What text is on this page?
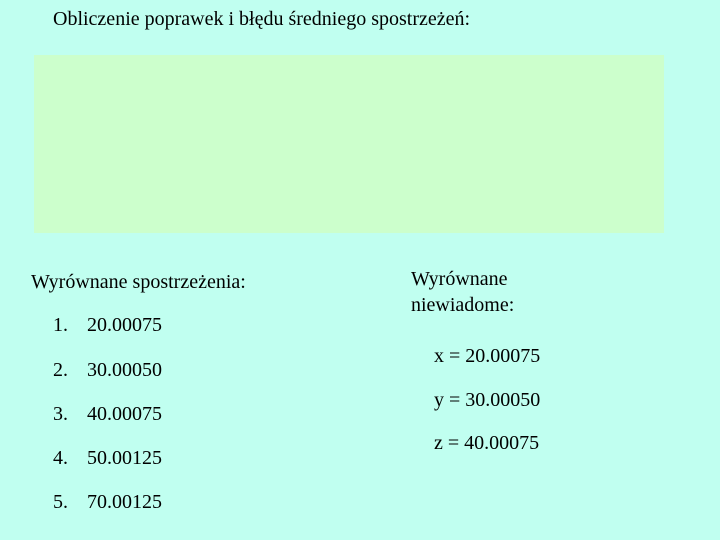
Obliczenie poprawek i błędu średniego spostrzeżeń:
Wyrównane spostrzeżenia:
1. 20.00075
2. 30.00050
3. 40.00075
4. 50.00125
5. 70.00125
Wyrównane niewiadome:
x = 20.00075
y = 30.00050
z = 40.00075
